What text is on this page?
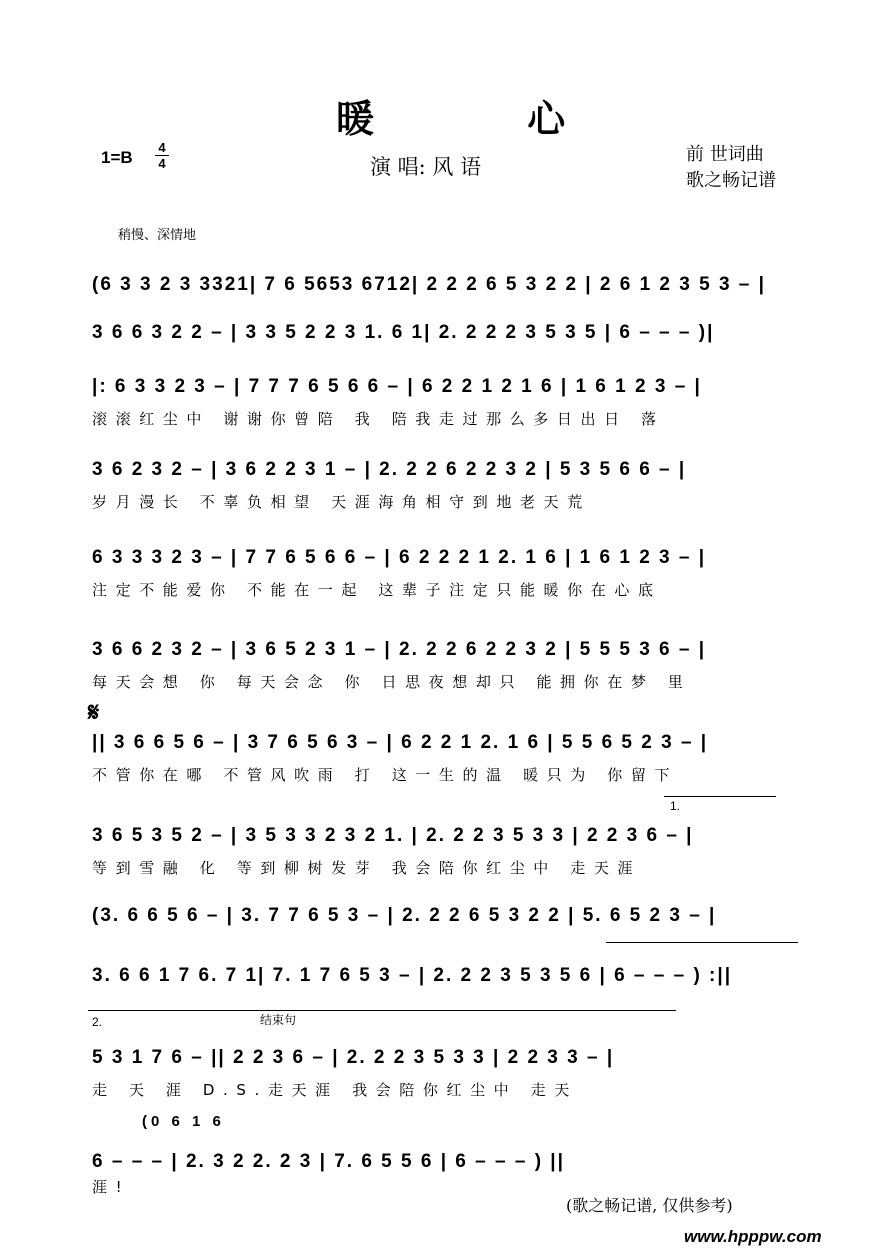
暖 心
1=B
4
4	演 唱: 风 语
前 世词曲
歌之畅记谱
稍慢、深情地
(6 3 3 2 3 3321| 7 6 5653 6712| 2 2 2 6 5 3 2 2 | 2 6 1 2 3 5 3 – |
3 6 6 3 2 2 – | 3 3 5 2 2 3 1. 6 1| 2. 2 2 2 3 5 3 5 | 6 – – – )|
|: 6 3 3 2 3 – | 7 7 7 6 5 6 6 – | 6 2 2 1 2 1 6 | 1 6 1 2 3 – |
滚滚红尘中 谢谢你曾陪 我 陪我走过那么多日出日 落
3 6 2 3 2 – | 3 6 2 2 3 1 – | 2. 2 2 6 2 2 3 2 | 5 3 5 6 6 – |
岁月漫长 不辜负相望 天涯海角相守到地老天荒
6 3 3 3 2 3 – | 7 7 6 5 6 6 – | 6 2 2 2 1 2. 1 6 | 1 6 1 2 3 – |
注定不能爱你 不能在一起 这辈子注定只能暖你在心底
3 6 6 2 3 2 – | 3 6 5 2 3 1 – | 2. 2 2 6 2 2 3 2 | 5 5 5 3 6 – |
每天会想 你 每天会念 你 日思夜想却只 能拥你在梦 里
𝄋
|| 3 6 6 5 6 – | 3 7 6 5 6 3 – | 6 2 2 1 2. 1 6 | 5 5 6 5 2 3 – |
不管你在哪 不管风吹雨 打 这一生的温 暖只为 你留下
1.
3 6 5 3 5 2 – | 3 5 3 3 2 3 2 1. | 2. 2 2 3 5 3 3 | 2 2 3 6 – |
等到雪融 化 等到柳树发芽 我会陪你红尘中 走天涯
(3. 6 6 5 6 – | 3. 7 7 6 5 3 – | 2. 2 2 6 5 3 2 2 | 5. 6 5 2 3 – |
3. 6 6 1 7 6. 7 1| 7. 1 7 6 5 3 – | 2. 2 2 3 5 3 5 6 | 6 – – – ) :||
2.	结束句
5 3 1 7 6 – || 2 2 3 6 – | 2. 2 2 3 5 3 3 | 2 2 3 3 – |
走 天 涯 D.S.走天涯 我会陪你红尘中 走天
(0 6 1 6
6 – – – | 2. 3 2 2. 2 3 | 7. 6 5 5 6 | 6 – – – ) ||
涯!
(歌之畅记谱, 仅供参考)
www.hpppw.com
